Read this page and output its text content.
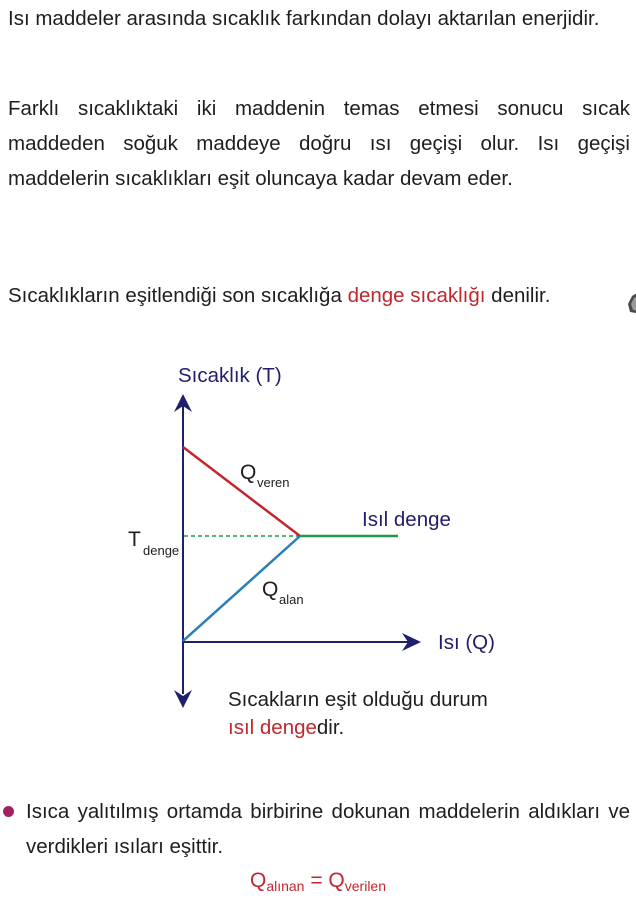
Isı maddeler arasında sıcaklık farkından dolayı aktarılan enerjidir.

Farklı sıcaklıktaki iki maddenin temas etmesi sonucu sıcak maddeden soğuk maddeye doğru ısı geçişi olur. Isı geçişi maddelerin sıcaklıkları eşit oluncaya kadar devam eder.

Sıcaklıkların eşitlendiği son sıcaklığa denge sıcaklığı denilir.

Sıcaklık (T)
Isı (Q)
T denge
Q veren
Isıl denge
Q alan
Sıcakların eşit olduğu durum
ısıl dengedir.

Isıca yalıtılmış ortamda birbirine dokunan maddelerin aldıkları ve verdikleri ısıları eşittir.

$Q_{alınan} = Q_{verilen}$
